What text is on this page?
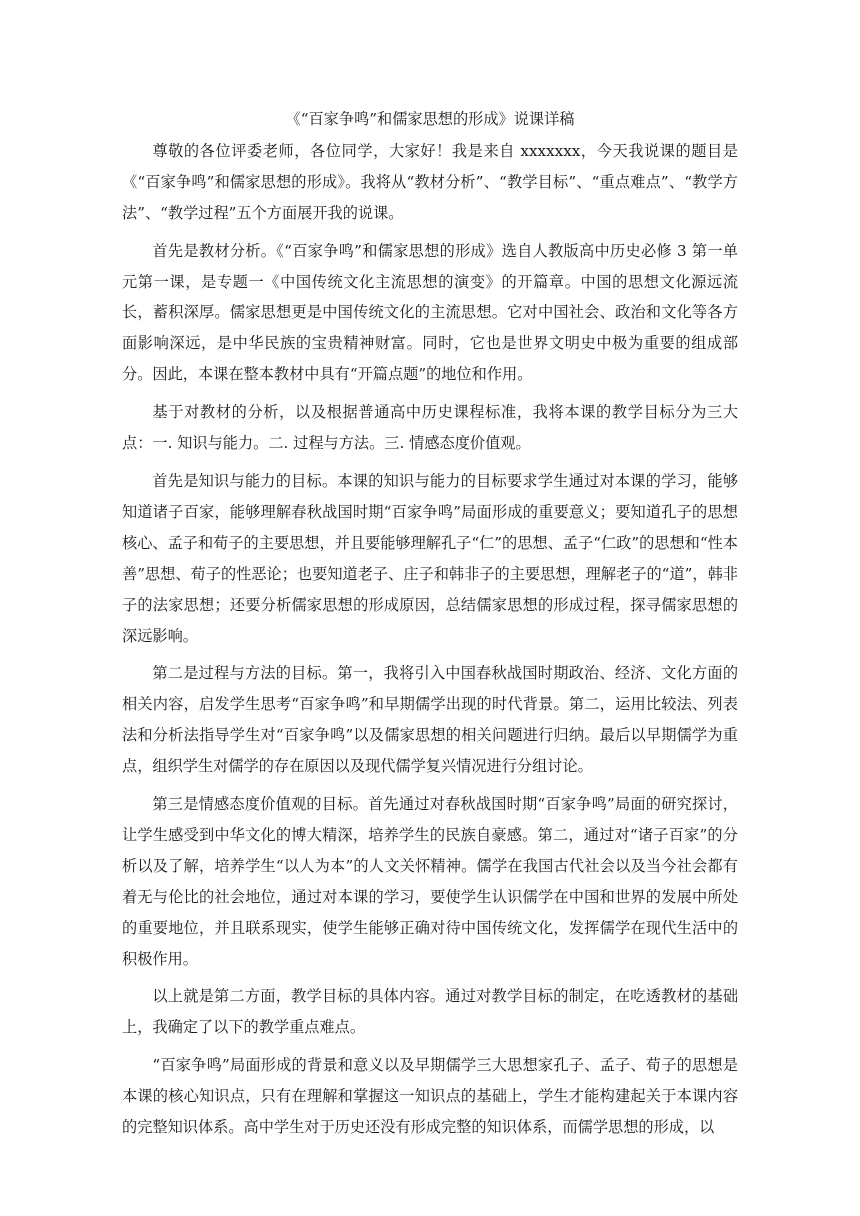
《“百家争鸣”和儒家思想的形成》说课详稿

尊敬的各位评委老师，各位同学，大家好！我是来自 xxxxxxx，今天我说课的题目是《“百家争鸣”和儒家思想的形成》。我将从“教材分析”、“教学目标”、“重点难点”、“教学方法”、“教学过程”五个方面展开我的说课。

首先是教材分析。《“百家争鸣”和儒家思想的形成》选自人教版高中历史必修 3 第一单元第一课，是专题一《中国传统文化主流思想的演变》的开篇章。中国的思想文化源远流长，蓄积深厚。儒家思想更是中国传统文化的主流思想。它对中国社会、政治和文化等各方面影响深远，是中华民族的宝贵精神财富。同时，它也是世界文明史中极为重要的组成部分。因此，本课在整本教材中具有“开篇点题”的地位和作用。

基于对教材的分析，以及根据普通高中历史课程标准，我将本课的教学目标分为三大点：一. 知识与能力。二. 过程与方法。三. 情感态度价值观。

首先是知识与能力的目标。本课的知识与能力的目标要求学生通过对本课的学习，能够知道诸子百家，能够理解春秋战国时期“百家争鸣”局面形成的重要意义；要知道孔子的思想核心、孟子和荀子的主要思想，并且要能够理解孔子“仁”的思想、孟子“仁政”的思想和“性本善”思想、荀子的性恶论；也要知道老子、庄子和韩非子的主要思想，理解老子的“道”，韩非子的法家思想；还要分析儒家思想的形成原因，总结儒家思想的形成过程，探寻儒家思想的深远影响。

第二是过程与方法的目标。第一，我将引入中国春秋战国时期政治、经济、文化方面的相关内容，启发学生思考“百家争鸣”和早期儒学出现的时代背景。第二，运用比较法、列表法和分析法指导学生对“百家争鸣”以及儒家思想的相关问题进行归纳。最后以早期儒学为重点，组织学生对儒学的存在原因以及现代儒学复兴情况进行分组讨论。

第三是情感态度价值观的目标。首先通过对春秋战国时期“百家争鸣”局面的研究探讨，让学生感受到中华文化的博大精深，培养学生的民族自豪感。第二，通过对“诸子百家”的分析以及了解，培养学生“以人为本”的人文关怀精神。儒学在我国古代社会以及当今社会都有着无与伦比的社会地位，通过对本课的学习，要使学生认识儒学在中国和世界的发展中所处的重要地位，并且联系现实，使学生能够正确对待中国传统文化，发挥儒学在现代生活中的积极作用。

以上就是第二方面，教学目标的具体内容。通过对教学目标的制定，在吃透教材的基础上，我确定了以下的教学重点难点。

“百家争鸣”局面形成的背景和意义以及早期儒学三大思想家孔子、孟子、荀子的思想是本课的核心知识点，只有在理解和掌握这一知识点的基础上，学生才能构建起关于本课内容的完整知识体系。高中学生对于历史还没有形成完整的知识体系，而儒学思想的形成，以
